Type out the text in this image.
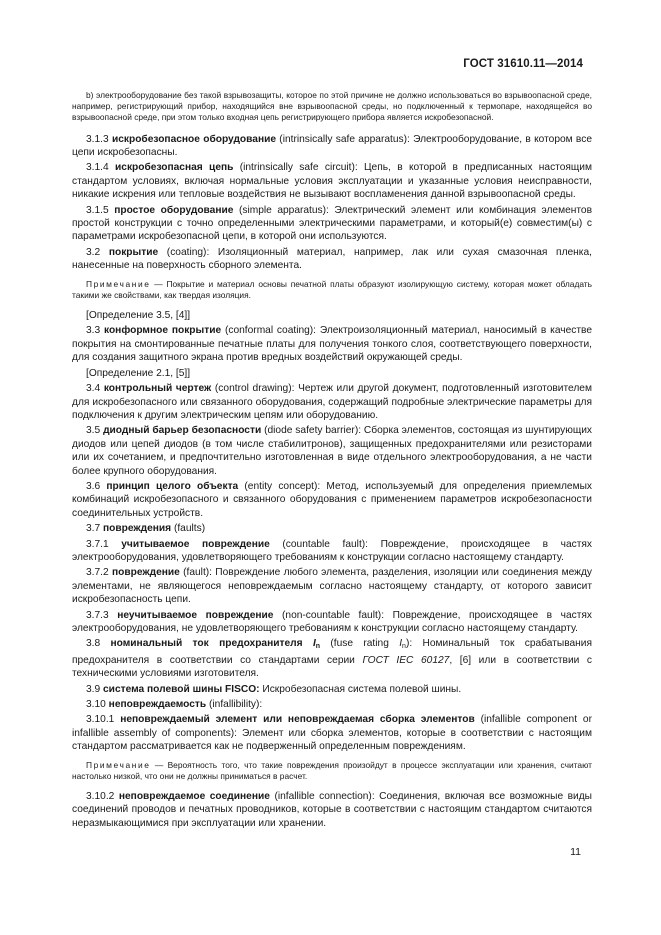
ГОСТ 31610.11—2014

b) электрооборудование без такой взрывозащиты, которое по этой причине не должно использоваться во взрывоопасной среде, например, регистрирующий прибор, находящийся вне взрывоопасной среды, но подключенный к термопаре, находящейся во взрывоопасной среде, при этом только входная цепь регистрирующего прибора является искробезопасной.

3.1.3 искробезопасное оборудование (intrinsically safe apparatus): Электрооборудование, в котором все цепи искробезопасны.

3.1.4 искробезопасная цепь (intrinsically safe circuit): Цепь, в которой в предписанных настоящим стандартом условиях, включая нормальные условия эксплуатации и указанные условия неисправности, никакие искрения или тепловые воздействия не вызывают воспламенения данной взрывоопасной среды.

3.1.5 простое оборудование (simple apparatus): Электрический элемент или комбинация элементов простой конструкции с точно определенными электрическими параметрами, и который(е) совместим(ы) с параметрами искробезопасной цепи, в которой они используются.

3.2 покрытие (coating): Изоляционный материал, например, лак или сухая смазочная пленка, нанесенные на поверхность сборного элемента.

Примечание — Покрытие и материал основы печатной платы образуют изолирующую систему, которая может обладать такими же свойствами, как твердая изоляция.

[Определение 3.5, [4]]

3.3 конформное покрытие (conformal coating): Электроизоляционный материал, наносимый в качестве покрытия на смонтированные печатные платы для получения тонкого слоя, соответствующего поверхности, для создания защитного экрана против вредных воздействий окружающей среды.

[Определение 2.1, [5]]

3.4 контрольный чертеж (control drawing): Чертеж или другой документ, подготовленный изготовителем для искробезопасного или связанного оборудования, содержащий подробные электрические параметры для подключения к другим электрическим цепям или оборудованию.

3.5 диодный барьер безопасности (diode safety barrier): Сборка элементов, состоящая из шунтирующих диодов или цепей диодов (в том числе стабилитронов), защищенных предохранителями или резисторами или их сочетанием, и предпочтительно изготовленная в виде отдельного электрооборудования, а не части более крупного оборудования.

3.6 принцип целого объекта (entity concept): Метод, используемый для определения приемлемых комбинаций искробезопасного и связанного оборудования с применением параметров искробезопасности соединительных устройств.

3.7 повреждения (faults)

3.7.1 учитываемое повреждение (countable fault): Повреждение, происходящее в частях электрооборудования, удовлетворяющего требованиям к конструкции согласно настоящему стандарту.

3.7.2 повреждение (fault): Повреждение любого элемента, разделения, изоляции или соединения между элементами, не являющегося неповреждаемым согласно настоящему стандарту, от которого зависит искробезопасность цепи.

3.7.3 неучитываемое повреждение (non-countable fault): Повреждение, происходящее в частях электрооборудования, не удовлетворяющего требованиям к конструкции согласно настоящему стандарту.

3.8 номинальный ток предохранителя $I_n$ (fuse rating $I_n$): Номинальный ток срабатывания предохранителя в соответствии со стандартами серии ГОСТ IEC 60127, [6] или в соответствии с техническими условиями изготовителя.

3.9 система полевой шины FISCO: Искробезопасная система полевой шины.

3.10 неповреждаемость (infallibility):

3.10.1 неповреждаемый элемент или неповреждаемая сборка элементов (infallible component or infallible assembly of components): Элемент или сборка элементов, которые в соответствии с настоящим стандартом рассматривается как не подверженный определенным повреждениям.

Примечание — Вероятность того, что такие повреждения произойдут в процессе эксплуатации или хранения, считают настолько низкой, что они не должны приниматься в расчет.

3.10.2 неповреждаемое соединение (infallible connection): Соединения, включая все возможные виды соединений проводов и печатных проводников, которые в соответствии с настоящим стандартом считаются неразмыкающимися при эксплуатации или хранении.

11
